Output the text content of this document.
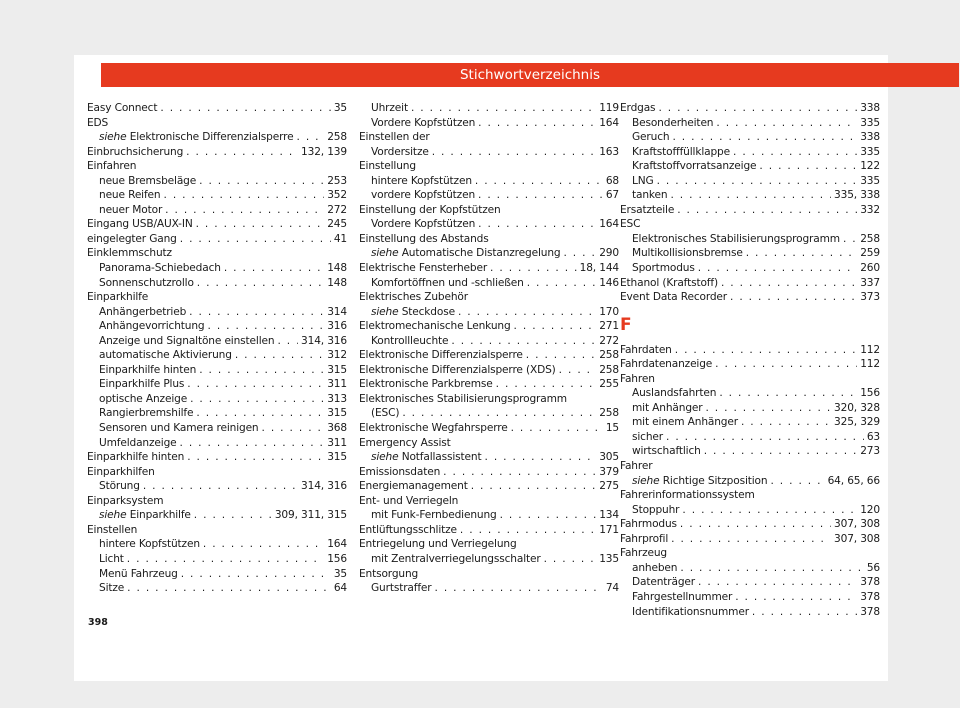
Stichwortverzeichnis
Easy Connect . . .	35
EDS
siehe Elektronische Differenzialsperre . . .	258
Einbruchsicherung . . .	132, 139
Einfahren
neue Bremsbeläge . . .	253
neue Reifen . . .	352
neuer Motor . . .	272
Eingang USB/AUX-IN . . .	245
eingelegter Gang . . .	41
Einklemmschutz
Panorama-Schiebedach . . .	148
Sonnenschutzrollo . . .	148
Einparkhilfe
Anhängerbetrieb . . .	314
Anhängevorrichtung . . .	316
Anzeige und Signaltöne einstellen . . .	314, 316
automatische Aktivierung . . .	312
Einparkhilfe hinten . . .	315
Einparkhilfe Plus . . .	311
optische Anzeige . . .	313
Rangierbremshilfe . . .	315
Sensoren und Kamera reinigen . . .	368
Umfeldanzeige . . .	311
Einparkhilfe hinten . . .	315
Einparkhilfen
Störung . . .	314, 316
Einparksystem
siehe Einparkhilfe . . .	309, 311, 315
Einstellen
hintere Kopfstützen . . .	164
Licht . . .	156
Menü Fahrzeug . . .	35
Sitze . . .	64
Uhrzeit . . .	119
Vordere Kopfstützen . . .	164
Einstellen der
Vordersitze . . .	163
Einstellung
hintere Kopfstützen . . .	68
vordere Kopfstützen . . .	67
Einstellung der Kopfstützen
Vordere Kopfstützen . . .	164
Einstellung des Abstands
siehe Automatische Distanzregelung . . .	290
Elektrische Fensterheber . . .	18, 144
Komfortöffnen und -schließen . . .	146
Elektrisches Zubehör
siehe Steckdose . . .	170
Elektromechanische Lenkung . . .	271
Kontrollleuchte . . .	272
Elektronische Differenzialsperre . . .	258
Elektronische Differenzialsperre (XDS) . . .	258
Elektronische Parkbremse . . .	255
Elektronisches Stabilisierungsprogramm
(ESC) . . .	258
Elektronische Wegfahrsperre . . .	15
Emergency Assist
siehe Notfallassistent . . .	305
Emissionsdaten . . .	379
Energiemanagement . . .	275
Ent- und Verriegeln
mit Funk-Fernbedienung . . .	134
Entlüftungsschlitze . . .	171
Entriegelung und Verriegelung
mit Zentralverriegelungsschalter . . .	135
Entsorgung
Gurtstraffer . . .	74
Erdgas . . .	338
Besonderheiten . . .	335
Geruch . . .	338
Kraftstofffüllklappe . . .	335
Kraftstoffvorratsanzeige . . .	122
LNG . . .	335
tanken . . .	335, 338
Ersatzteile . . .	332
ESC
Elektronisches Stabilisierungsprogramm . . . 258
Multikollisionsbremse . . .	259
Sportmodus . . .	260
Ethanol (Kraftstoff) . . .	337
Event Data Recorder . . .	373
F
Fahrdaten . . .	112
Fahrdatenanzeige . . .	112
Fahren
Auslandsfahrten . . .	156
mit Anhänger . . .	320, 328
mit einem Anhänger . . .	325, 329
sicher . . .	63
wirtschaftlich . . .	273
Fahrer
siehe Richtige Sitzposition . . .	64, 65, 66
Fahrerinformationssystem
Stoppuhr . . .	120
Fahrmodus . . .	307, 308
Fahrprofil . . .	307, 308
Fahrzeug
anheben . . .	56
Datenträger . . .	378
Fahrgestellnummer . . .	378
Identifikationsnummer . . .	378
398
